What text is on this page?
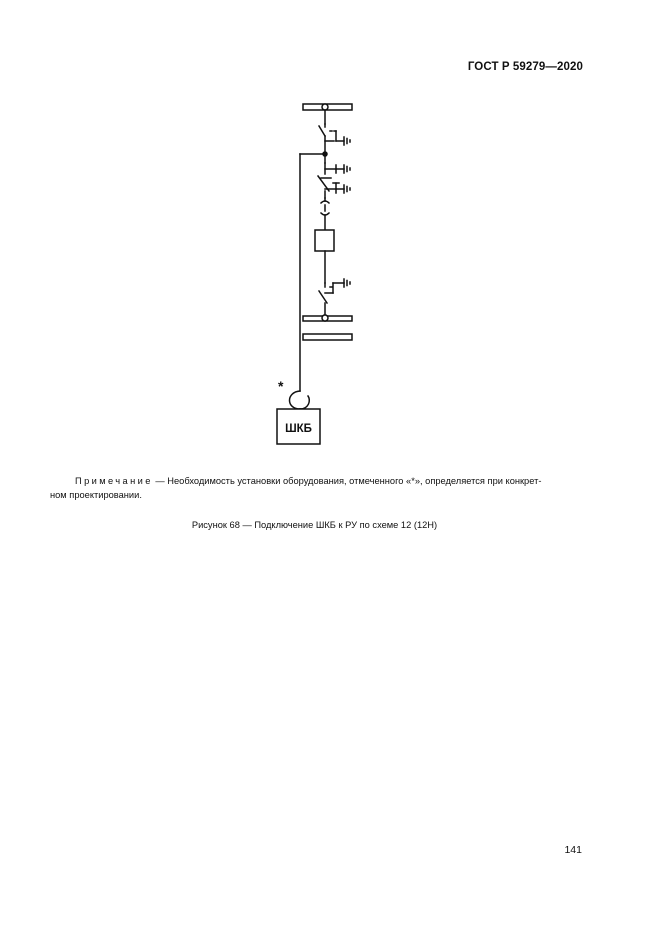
ГОСТ Р 59279—2020
*
ШКБ
Примечание — Необходимость установки оборудования, отмеченного «*», определяется при конкрет-
ном проектировании.
Рисунок 68 — Подключение ШКБ к РУ по схеме 12 (12Н)
141
